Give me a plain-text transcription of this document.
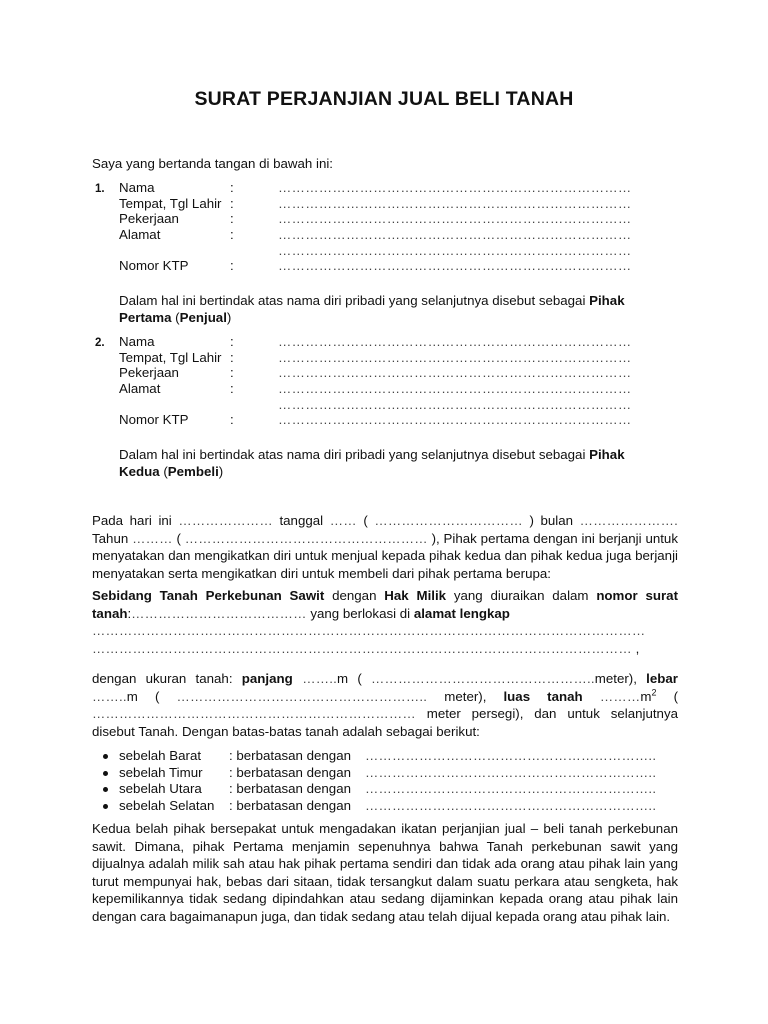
SURAT PERJANJIAN JUAL BELI TANAH
Saya yang bertanda tangan di bawah ini:
1. Nama	:	……………………………………………………………………
Tempat, Tgl Lahir :	……………………………………………………………………
Pekerjaan	:	……………………………………………………………………
Alamat	:	……………………………………………………………………
……………………………………………………………………
Nomor KTP	:	……………………………………………………………………
Dalam hal ini bertindak atas nama diri pribadi yang selanjutnya disebut sebagai Pihak Pertama (Penjual)
2. Nama	:	……………………………………………………………………
Tempat, Tgl Lahir :	……………………………………………………………………
Pekerjaan	:	……………………………………………………………………
Alamat	:	……………………………………………………………………
……………………………………………………………………
Nomor KTP	:	……………………………………………………………………
Dalam hal ini bertindak atas nama diri pribadi yang selanjutnya disebut sebagai Pihak Kedua (Pembeli)
Pada hari ini ………………… tanggal …… ( …………………………… ) bulan …………………. Tahun ……… ( ……………………………………………… ), Pihak pertama dengan ini berjanji untuk menyatakan dan mengikatkan diri untuk menjual kepada pihak kedua dan pihak kedua juga berjanji menyatakan serta mengikatkan diri untuk membeli dari pihak pertama berupa:
Sebidang Tanah Perkebunan Sawit dengan Hak Milik yang diuraikan dalam nomor surat tanah:………………………………… yang berlokasi di alamat lengkap
……………………………………………………………………………………………………………
………………………………………………………………………………………………………… ,
dengan ukuran tanah: panjang ……..m ( …………………………………………..meter), lebar ……..m ( ……………………………………………….. meter), luas tanah $\dots\dots\dots m^2$ ( ……………………………………………………………… meter persegi), dan untuk selanjutnya disebut Tanah. Dengan batas-batas tanah adalah sebagai berikut:
sebelah Barat : berbatasan dengan ………………………………………………………..
sebelah Timur : berbatasan dengan ………………………………………………………..
sebelah Utara : berbatasan dengan ………………………………………………………..
sebelah Selatan : berbatasan dengan ………………………………………………………..
Kedua belah pihak bersepakat untuk mengadakan ikatan perjanjian jual – beli tanah perkebunan sawit. Dimana, pihak Pertama menjamin sepenuhnya bahwa Tanah perkebunan sawit yang dijualnya adalah milik sah atau hak pihak pertama sendiri dan tidak ada orang atau pihak lain yang turut mempunyai hak, bebas dari sitaan, tidak tersangkut dalam suatu perkara atau sengketa, hak kepemilikannya tidak sedang dipindahkan atau sedang dijaminkan kepada orang atau pihak lain dengan cara bagaimanapun juga, dan tidak sedang atau telah dijual kepada orang atau pihak lain.
